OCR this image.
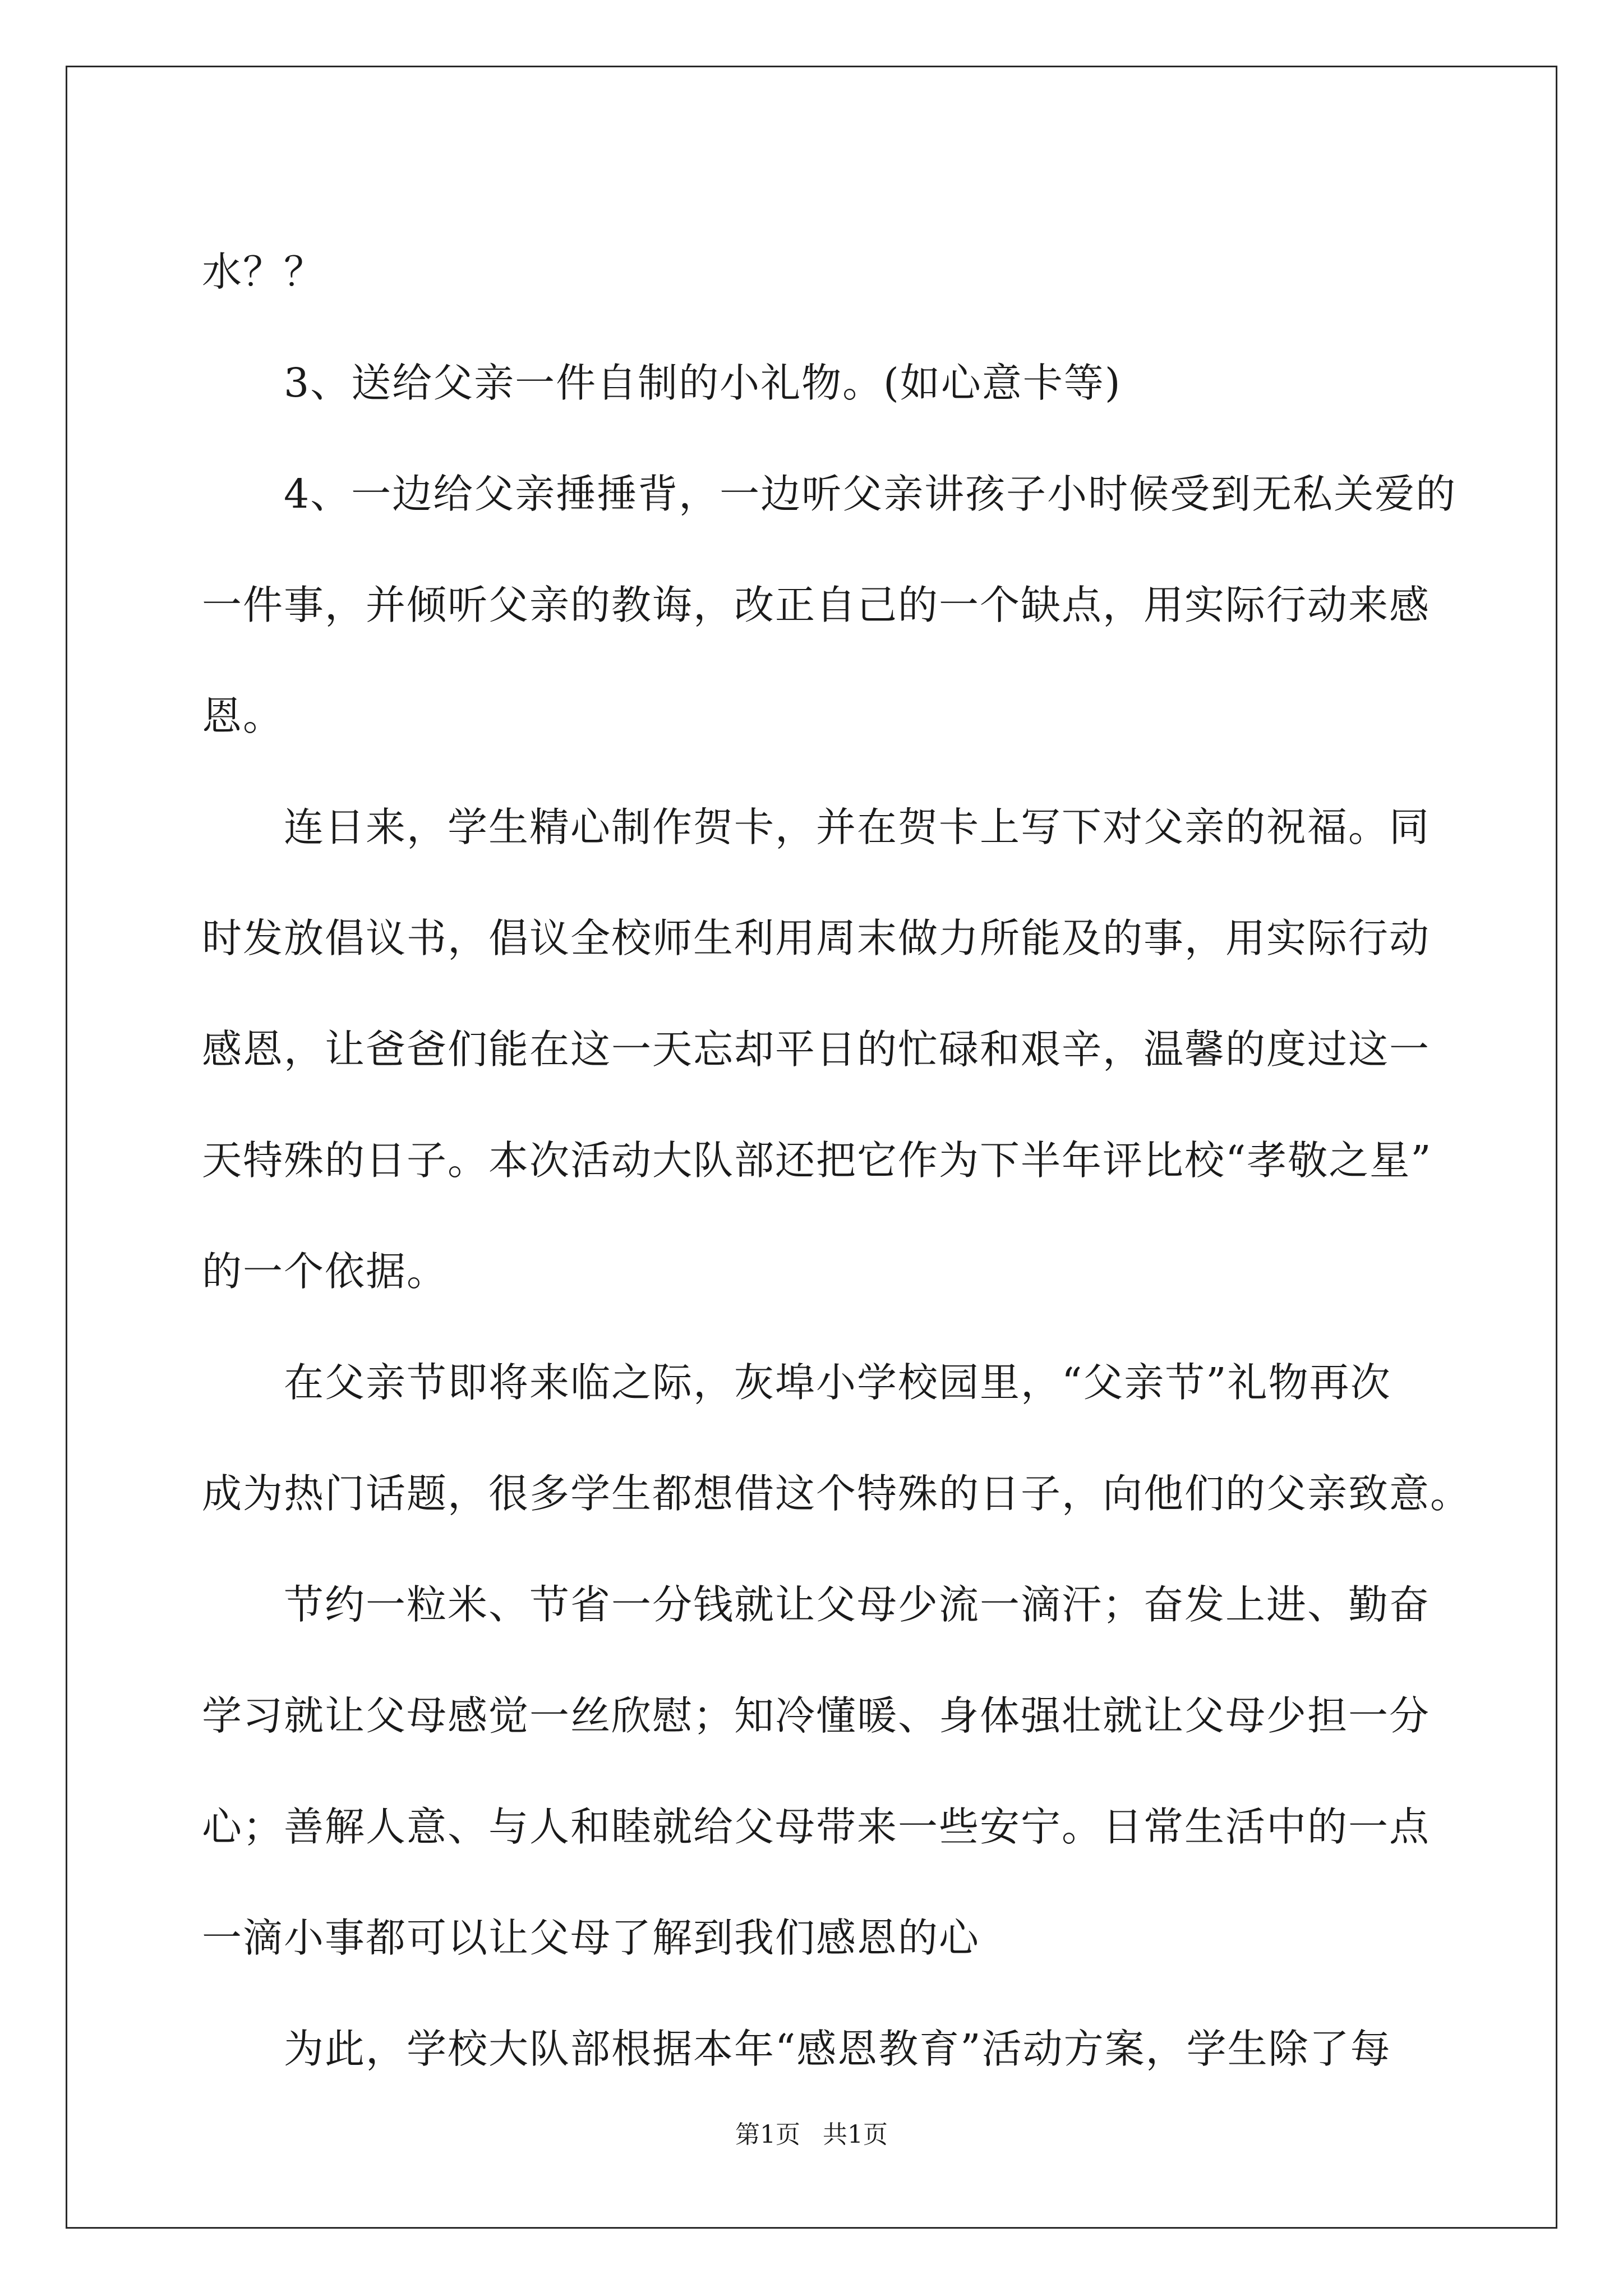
水？？
3、送给父亲一件自制的小礼物。(如心意卡等)
4、一边给父亲捶捶背，一边听父亲讲孩子小时候受到无私关爱的
一件事，并倾听父亲的教诲，改正自己的一个缺点，用实际行动来感
恩。
连日来，学生精心制作贺卡，并在贺卡上写下对父亲的祝福。同
时发放倡议书，倡议全校师生利用周末做力所能及的事，用实际行动
感恩，让爸爸们能在这一天忘却平日的忙碌和艰辛，温馨的度过这一
天特殊的日子。本次活动大队部还把它作为下半年评比校“孝敬之星”
的一个依据。
在父亲节即将来临之际，灰埠小学校园里，“父亲节”礼物再次
成为热门话题，很多学生都想借这个特殊的日子，向他们的父亲致意。
节约一粒米、节省一分钱就让父母少流一滴汗；奋发上进、勤奋
学习就让父母感觉一丝欣慰；知冷懂暖、身体强壮就让父母少担一分
心；善解人意、与人和睦就给父母带来一些安宁。日常生活中的一点
一滴小事都可以让父母了解到我们感恩的心
为此，学校大队部根据本年“感恩教育”活动方案，学生除了每
第1页 共1页
